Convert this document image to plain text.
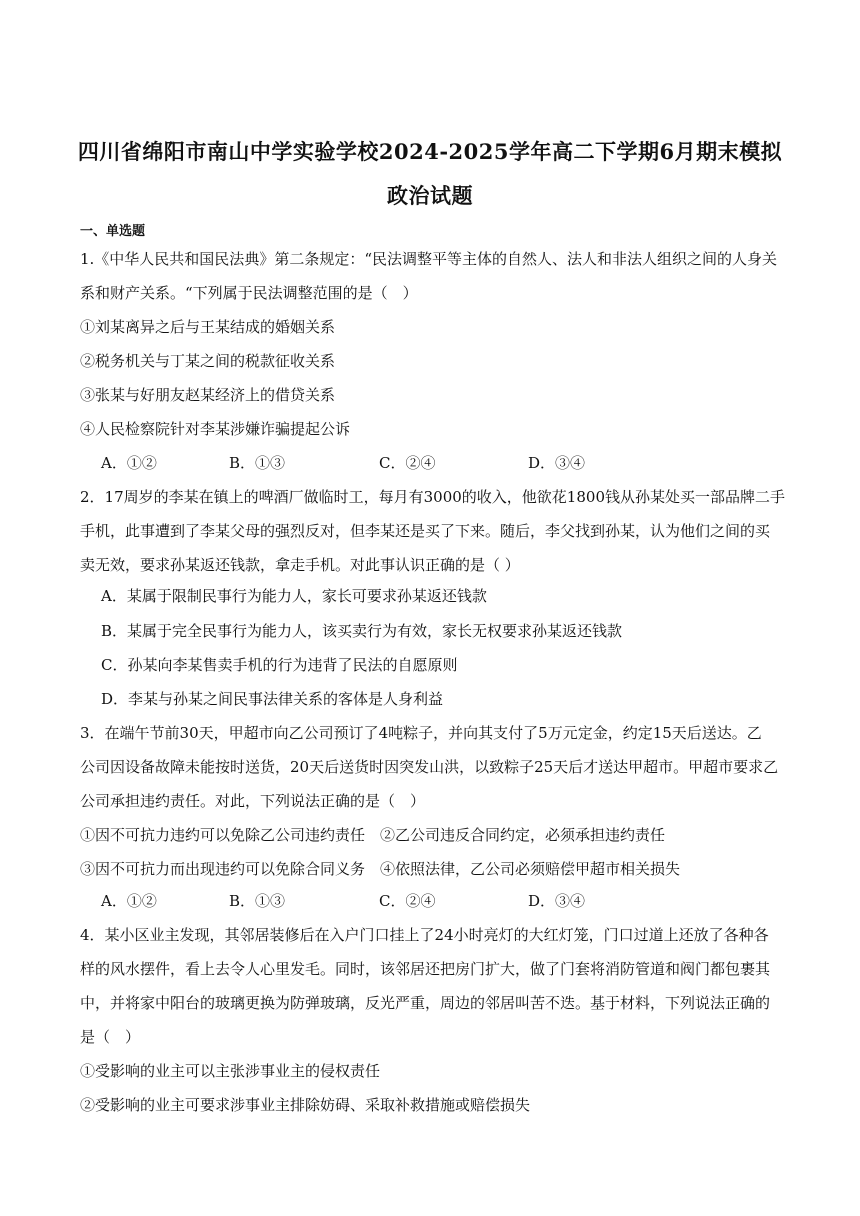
四川省绵阳市南山中学实验学校2024-2025学年高二下学期6月期末模拟
政治试题
一、单选题
1.《中华人民共和国民法典》第二条规定：“民法调整平等主体的自然人、法人和非法人组织之间的人身关
系和财产关系。“下列属于民法调整范围的是（　）
①刘某离异之后与王某结成的婚姻关系
②税务机关与丁某之间的税款征收关系
③张某与好朋友赵某经济上的借贷关系
④人民检察院针对李某涉嫌诈骗提起公诉
A．①②	B．①③	C．②④	D．③④
2．17周岁的李某在镇上的啤酒厂做临时工，每月有3000的收入，他欲花1800钱从孙某处买一部品牌二手
手机，此事遭到了李某父母的强烈反对，但李某还是买了下来。随后，李父找到孙某，认为他们之间的买
卖无效，要求孙某返还钱款，拿走手机。对此事认识正确的是（ ）
A．某属于限制民事行为能力人，家长可要求孙某返还钱款
B．某属于完全民事行为能力人，该买卖行为有效，家长无权要求孙某返还钱款
C．孙某向李某售卖手机的行为违背了民法的自愿原则
D．李某与孙某之间民事法律关系的客体是人身利益
3．在端午节前30天，甲超市向乙公司预订了4吨粽子，并向其支付了5万元定金，约定15天后送达。乙
公司因设备故障未能按时送货，20天后送货时因突发山洪，以致粽子25天后才送达甲超市。甲超市要求乙
公司承担违约责任。对此，下列说法正确的是（　）
①因不可抗力违约可以免除乙公司违约责任　②乙公司违反合同约定，必须承担违约责任
③因不可抗力而出现违约可以免除合同义务　④依照法律，乙公司必须赔偿甲超市相关损失
A．①②	B．①③	C．②④	D．③④
4．某小区业主发现，其邻居装修后在入户门口挂上了24小时亮灯的大红灯笼，门口过道上还放了各种各
样的风水摆件，看上去令人心里发毛。同时，该邻居还把房门扩大，做了门套将消防管道和阀门都包裹其
中，并将家中阳台的玻璃更换为防弹玻璃，反光严重，周边的邻居叫苦不迭。基于材料，下列说法正确的
是（　）
①受影响的业主可以主张涉事业主的侵权责任
②受影响的业主可要求涉事业主排除妨碍、采取补救措施或赔偿损失
